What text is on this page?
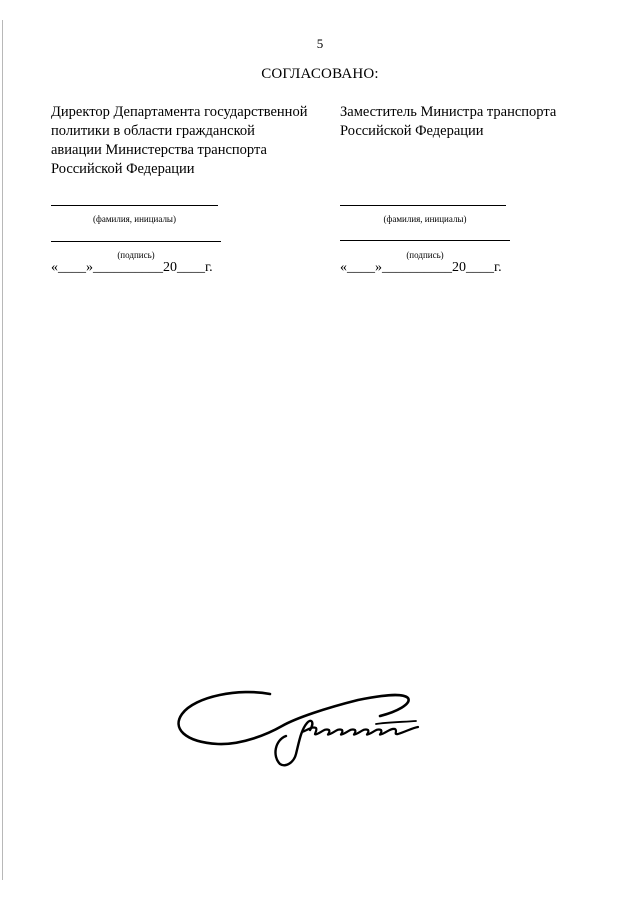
5
СОГЛАСОВАНО:
Директор Департамента государственной
политики в области гражданской
авиации Министерства транспорта
Российской Федерации
(фамилия, инициалы)
(подпись)
«____»__________20____г.
Заместитель Министра транспорта
Российской Федерации
(фамилия, инициалы)
(подпись)
«____»__________20____г.
